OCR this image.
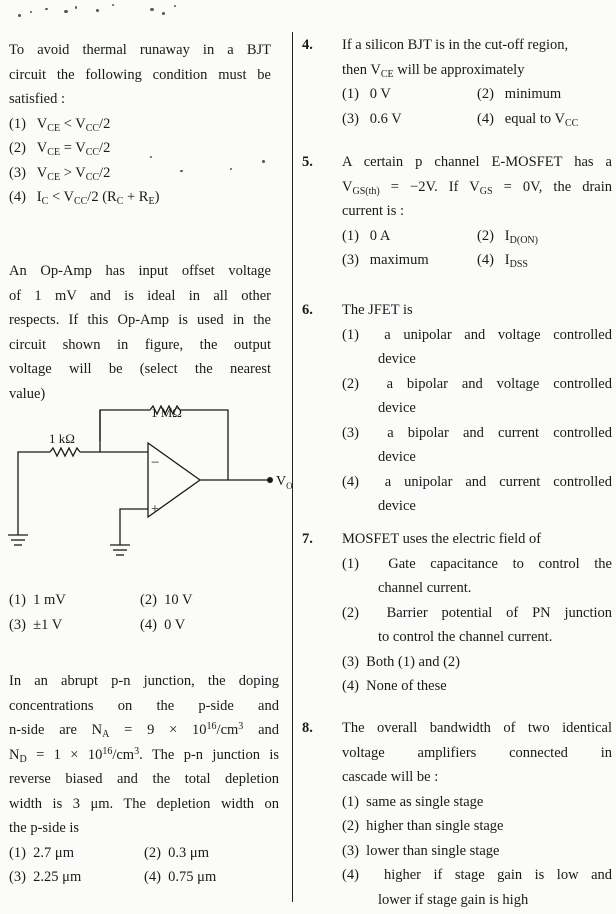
To avoid thermal runaway in a BJT
circuit the following condition must be
satisfied :
(1) $V_{CE} < V_{CC}/2$
(2) $V_{CE} = V_{CC}/2$
(3) $V_{CE} > V_{CC}/2$
(4) $I_C < V_{CC}/2$ $(R_C + R_E)$
An Op-Amp has input offset voltage
of 1 mV and is ideal in all other
respects. If this Op-Amp is used in the
circuit shown in figure, the output
voltage will be (select the nearest
value)
1 MΩ
1 kΩ
−
+
$V_O$
(1) 1 mV	(2) 10 V
(3) ±1 V	(4) 0 V
In an abrupt p-n junction, the doping
concentrations on the p-side and
n-side are $N_A = 9 \times 10^{16}/cm^3$ and
$N_D = 1 \times 10^{16}/cm^3$. The p-n junction is
reverse biased and the total depletion
width is 3 μm. The depletion width on
the p-side is
(1) 2.7 μm	(2) 0.3 μm
(3) 2.25 μm	(4) 0.75 μm
4. If a silicon BJT is in the cut-off region,
then $V_{CE}$ will be approximately
(1) 0 V	(2) minimum
(3) 0.6 V	(4) equal to $V_{CC}$
5. A certain p channel E-MOSFET has a
$V_{GS(th)} = -2V$. If $V_{GS} = 0V$, the drain
current is :
(1) 0 A	(2) $I_{D(ON)}$
(3) maximum	(4) $I_{DSS}$
6. The JFET is
(1) a unipolar and voltage controlled
device
(2) a bipolar and voltage controlled
device
(3) a bipolar and current controlled
device
(4) a unipolar and current controlled
device
7. MOSFET uses the electric field of
(1) Gate capacitance to control the
channel current.
(2) Barrier potential of PN junction
to control the channel current.
(3) Both (1) and (2)
(4) None of these
8. The overall bandwidth of two identical
voltage amplifiers connected in
cascade will be :
(1) same as single stage
(2) higher than single stage
(3) lower than single stage
(4) higher if stage gain is low and
lower if stage gain is high
